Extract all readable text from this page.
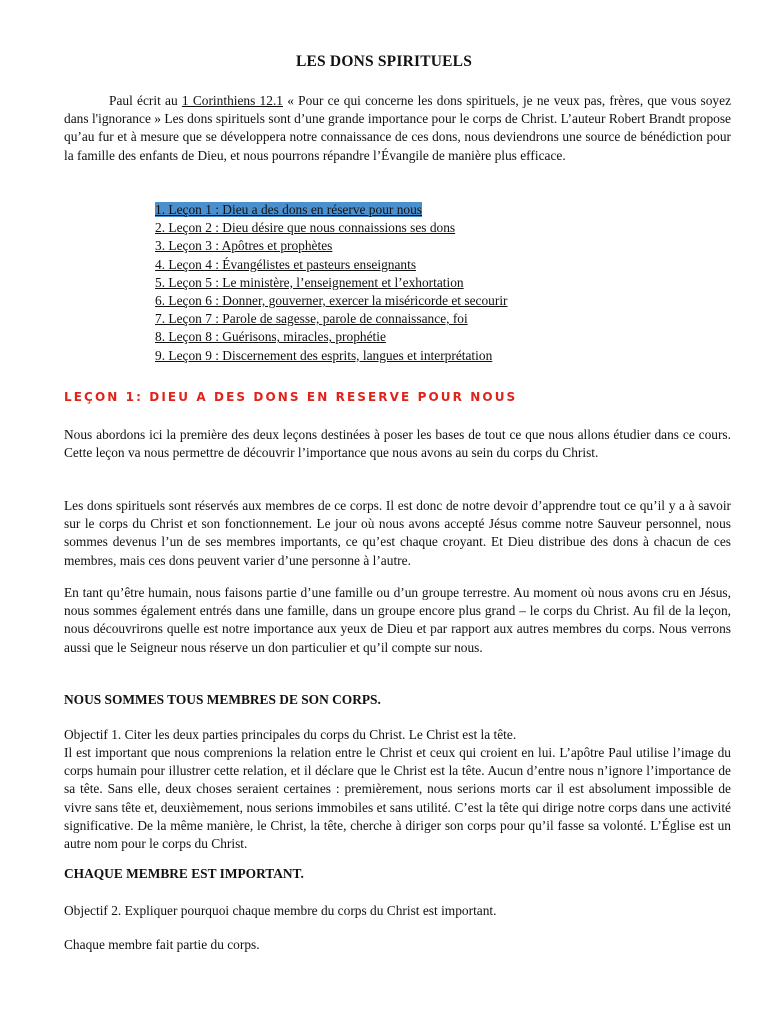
LES DONS SPIRITUELS

Paul écrit au 1 Corinthiens 12.1 « Pour ce qui concerne les dons spirituels, je ne veux pas, frères, que vous soyez dans l'ignorance » Les dons spirituels sont d’une grande importance pour le corps de Christ. L’auteur Robert Brandt propose qu’au fur et à mesure que se développera notre connaissance de ces dons, nous deviendrons une source de bénédiction pour la famille des enfants de Dieu, et nous pourrons répandre l’Évangile de manière plus efficace.

1. Leçon 1 : Dieu a des dons en réserve pour nous
2. Leçon 2 : Dieu désire que nous connaissions ses dons
3. Leçon 3 : Apôtres et prophètes
4. Leçon 4 : Évangélistes et pasteurs enseignants
5. Leçon 5 : Le ministère, l’enseignement et l’exhortation
6. Leçon 6 : Donner, gouverner, exercer la miséricorde et secourir
7. Leçon 7 : Parole de sagesse, parole de connaissance, foi
8. Leçon 8 : Guérisons, miracles, prophétie
9. Leçon 9 : Discernement des esprits, langues et interprétation
LEÇON 1: DIEU A DES DONS EN RESERVE POUR NOUS

Nous abordons ici la première des deux leçons destinées à poser les bases de tout ce que nous allons étudier dans ce cours. Cette leçon va nous permettre de découvrir l’importance que nous avons au sein du corps du Christ.

Les dons spirituels sont réservés aux membres de ce corps. Il est donc de notre devoir d’apprendre tout ce qu’il y a à savoir sur le corps du Christ et son fonctionnement. Le jour où nous avons accepté Jésus comme notre Sauveur personnel, nous sommes devenus l’un de ses membres importants, ce qu’est chaque croyant. Et Dieu distribue des dons à chacun de ces membres, mais ces dons peuvent varier d’une personne à l’autre.

En tant qu’être humain, nous faisons partie d’une famille ou d’un groupe terrestre. Au moment où nous avons cru en Jésus, nous sommes également entrés dans une famille, dans un groupe encore plus grand – le corps du Christ. Au fil de la leçon, nous découvrirons quelle est notre importance aux yeux de Dieu et par rapport aux autres membres du corps. Nous verrons aussi que le Seigneur nous réserve un don particulier et qu’il compte sur nous.

NOUS SOMMES TOUS MEMBRES DE SON CORPS.

Objectif 1. Citer les deux parties principales du corps du Christ. Le Christ est la tête.

Il est important que nous comprenions la relation entre le Christ et ceux qui croient en lui. L’apôtre Paul utilise l’image du corps humain pour illustrer cette relation, et il déclare que le Christ est la tête. Aucun d’entre nous n’ignore l’importance de sa tête. Sans elle, deux choses seraient certaines : premièrement, nous serions morts car il est absolument impossible de vivre sans tête et, deuxièmement, nous serions immobiles et sans utilité. C’est la tête qui dirige notre corps dans une activité significative. De la même manière, le Christ, la tête, cherche à diriger son corps pour qu’il fasse sa volonté. L’Église est un autre nom pour le corps du Christ.

CHAQUE MEMBRE EST IMPORTANT.

Objectif 2. Expliquer pourquoi chaque membre du corps du Christ est important.

Chaque membre fait partie du corps.
